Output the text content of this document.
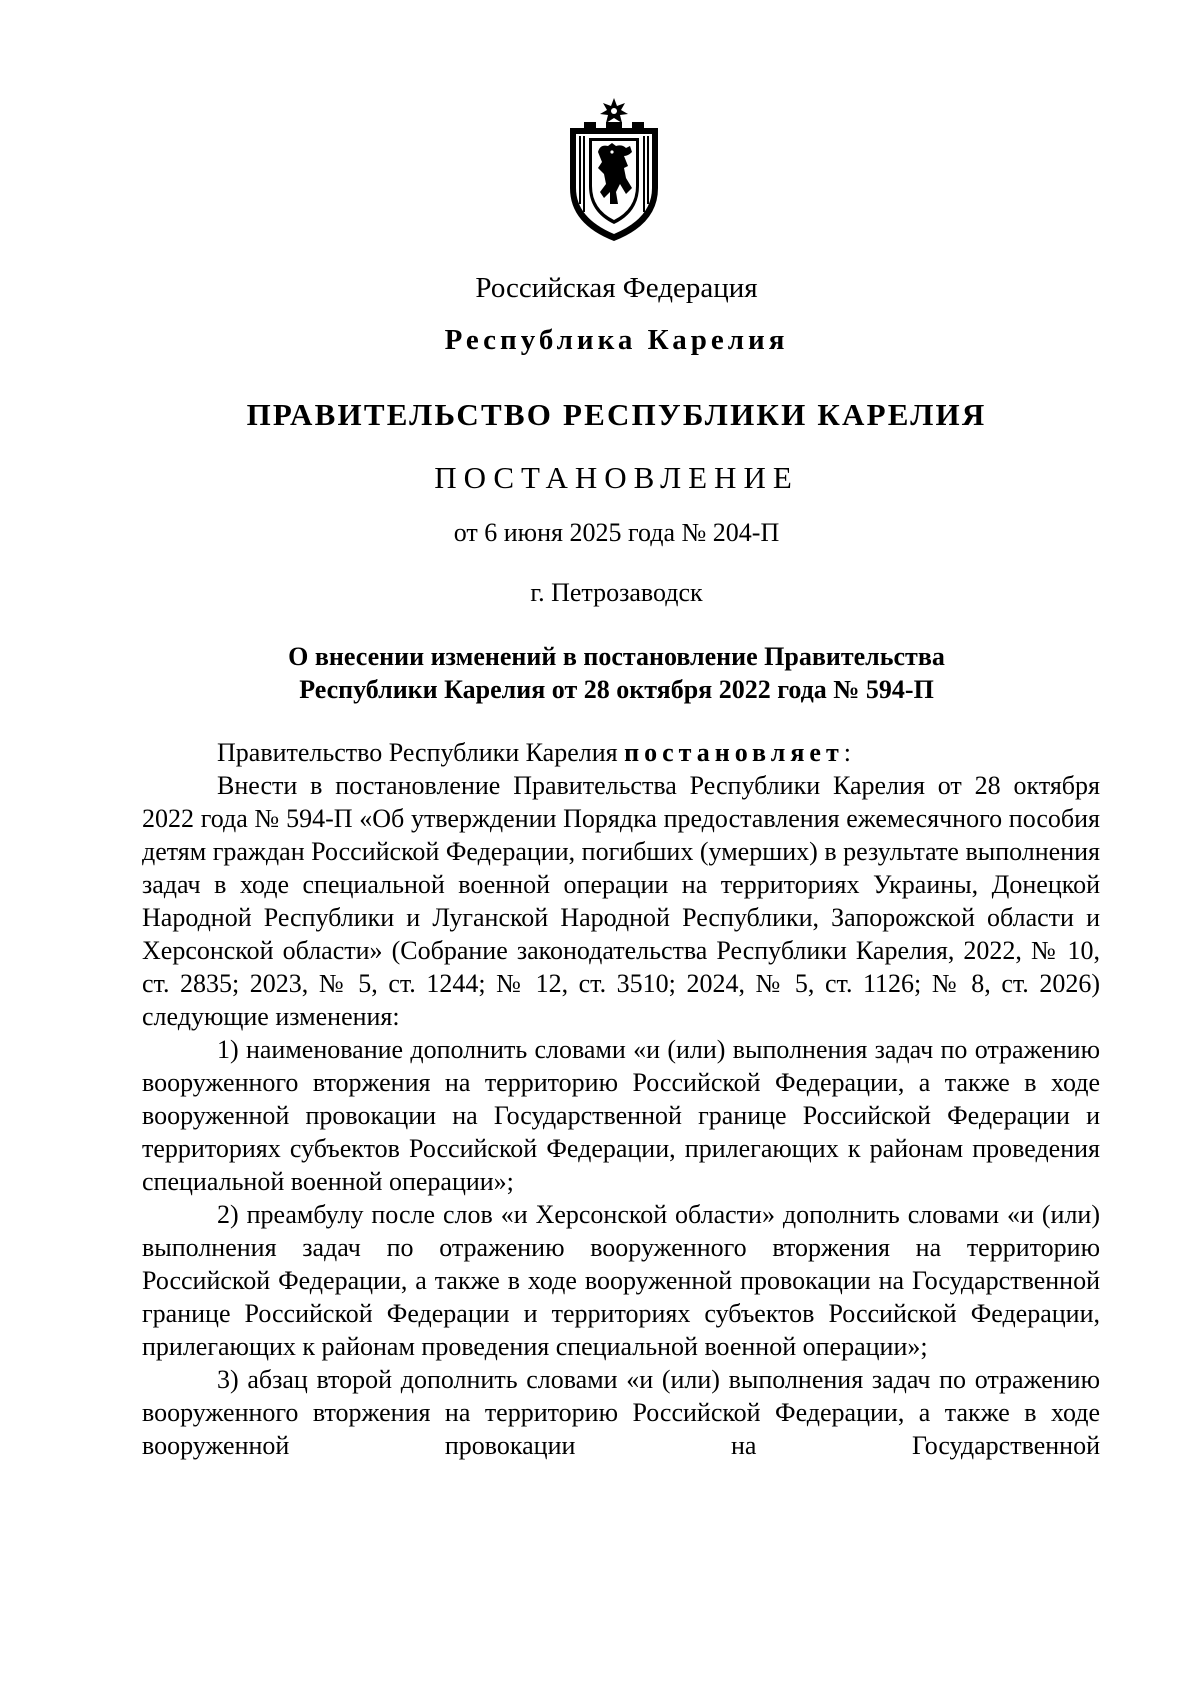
Российская Федерация
Республика Карелия
ПРАВИТЕЛЬСТВО РЕСПУБЛИКИ КАРЕЛИЯ
ПОСТАНОВЛЕНИЕ
от 6 июня 2025 года № 204-П
г. Петрозаводск
О внесении изменений в постановление Правительства
Республики Карелия от 28 октября 2022 года № 594-П

Правительство Республики Карелия постановляет:

Внести в постановление Правительства Республики Карелия от 28 октября 2022 года № 594-П «Об утверждении Порядка предоставления ежемесячного пособия детям граждан Российской Федерации, погибших (умерших) в результате выполнения задач в ходе специальной военной операции на территориях Украины, Донецкой Народной Республики и Луганской Народной Республики, Запорожской области и Херсонской области» (Собрание законодательства Республики Карелия, 2022, № 10, ст. 2835; 2023, № 5, ст. 1244; № 12, ст. 3510; 2024, № 5, ст. 1126; № 8, ст. 2026) следующие изменения:

1) наименование дополнить словами «и (или) выполнения задач по отражению вооруженного вторжения на территорию Российской Федерации, а также в ходе вооруженной провокации на Государственной границе Российской Федерации и территориях субъектов Российской Федерации, прилегающих к районам проведения специальной военной операции»;

2) преамбулу после слов «и Херсонской области» дополнить словами «и (или) выполнения задач по отражению вооруженного вторжения на территорию Российской Федерации, а также в ходе вооруженной провокации на Государственной границе Российской Федерации и территориях субъектов Российской Федерации, прилегающих к районам проведения специальной военной операции»;

3) абзац второй дополнить словами «и (или) выполнения задач по отражению вооруженного вторжения на территорию Российской Федерации, а также в ходе вооруженной провокации на Государственной
